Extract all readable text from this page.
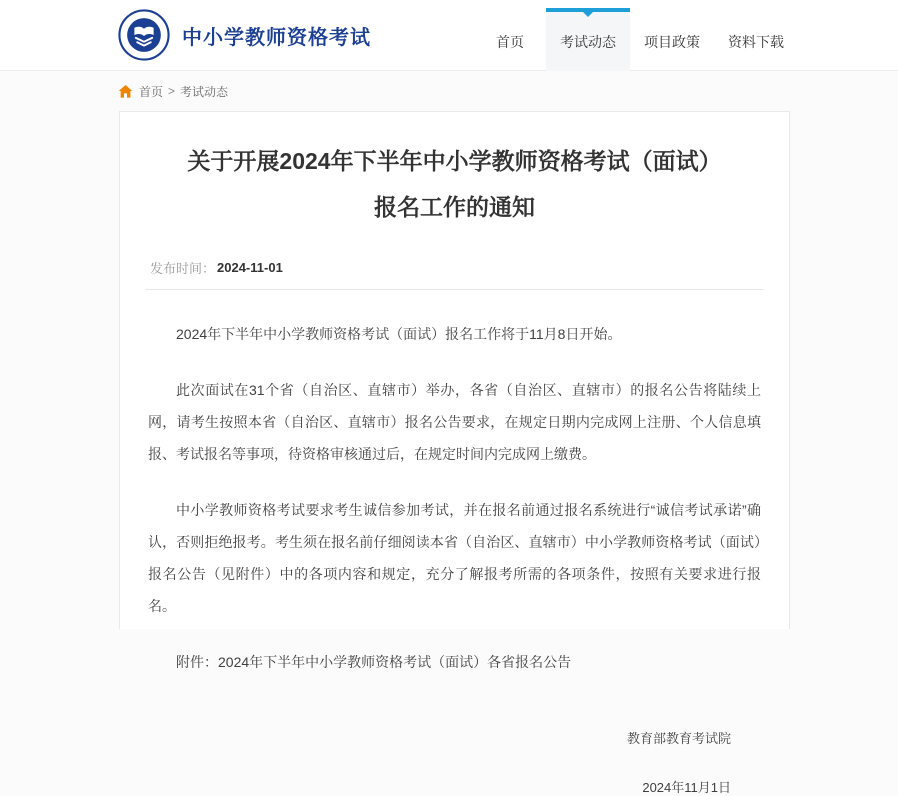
中小学教师资格考试	首页	考试动态 项目政策 资料下载
首页 > 考试动态
关于开展2024年下半年中小学教师资格考试（面试）
报名工作的通知
发布时间： 2024-11-01

2024年下半年中小学教师资格考试（面试）报名工作将于11月8日开始。

此次面试在31个省（自治区、直辖市）举办，各省（自治区、直辖市）的报名公告将陆续上网，请考生按照本省（自治区、直辖市）报名公告要求，在规定日期内完成网上注册、个人信息填报、考试报名等事项，待资格审核通过后，在规定时间内完成网上缴费。

中小学教师资格考试要求考生诚信参加考试，并在报名前通过报名系统进行“诚信考试承诺”确认，否则拒绝报考。考生须在报名前仔细阅读本省（自治区、直辖市）中小学教师资格考试（面试）报名公告（见附件）中的各项内容和规定，充分了解报考所需的各项条件，按照有关要求进行报名。

附件：2024年下半年中小学教师资格考试（面试）各省报名公告
教育部教育考试院
2024年11月1日
